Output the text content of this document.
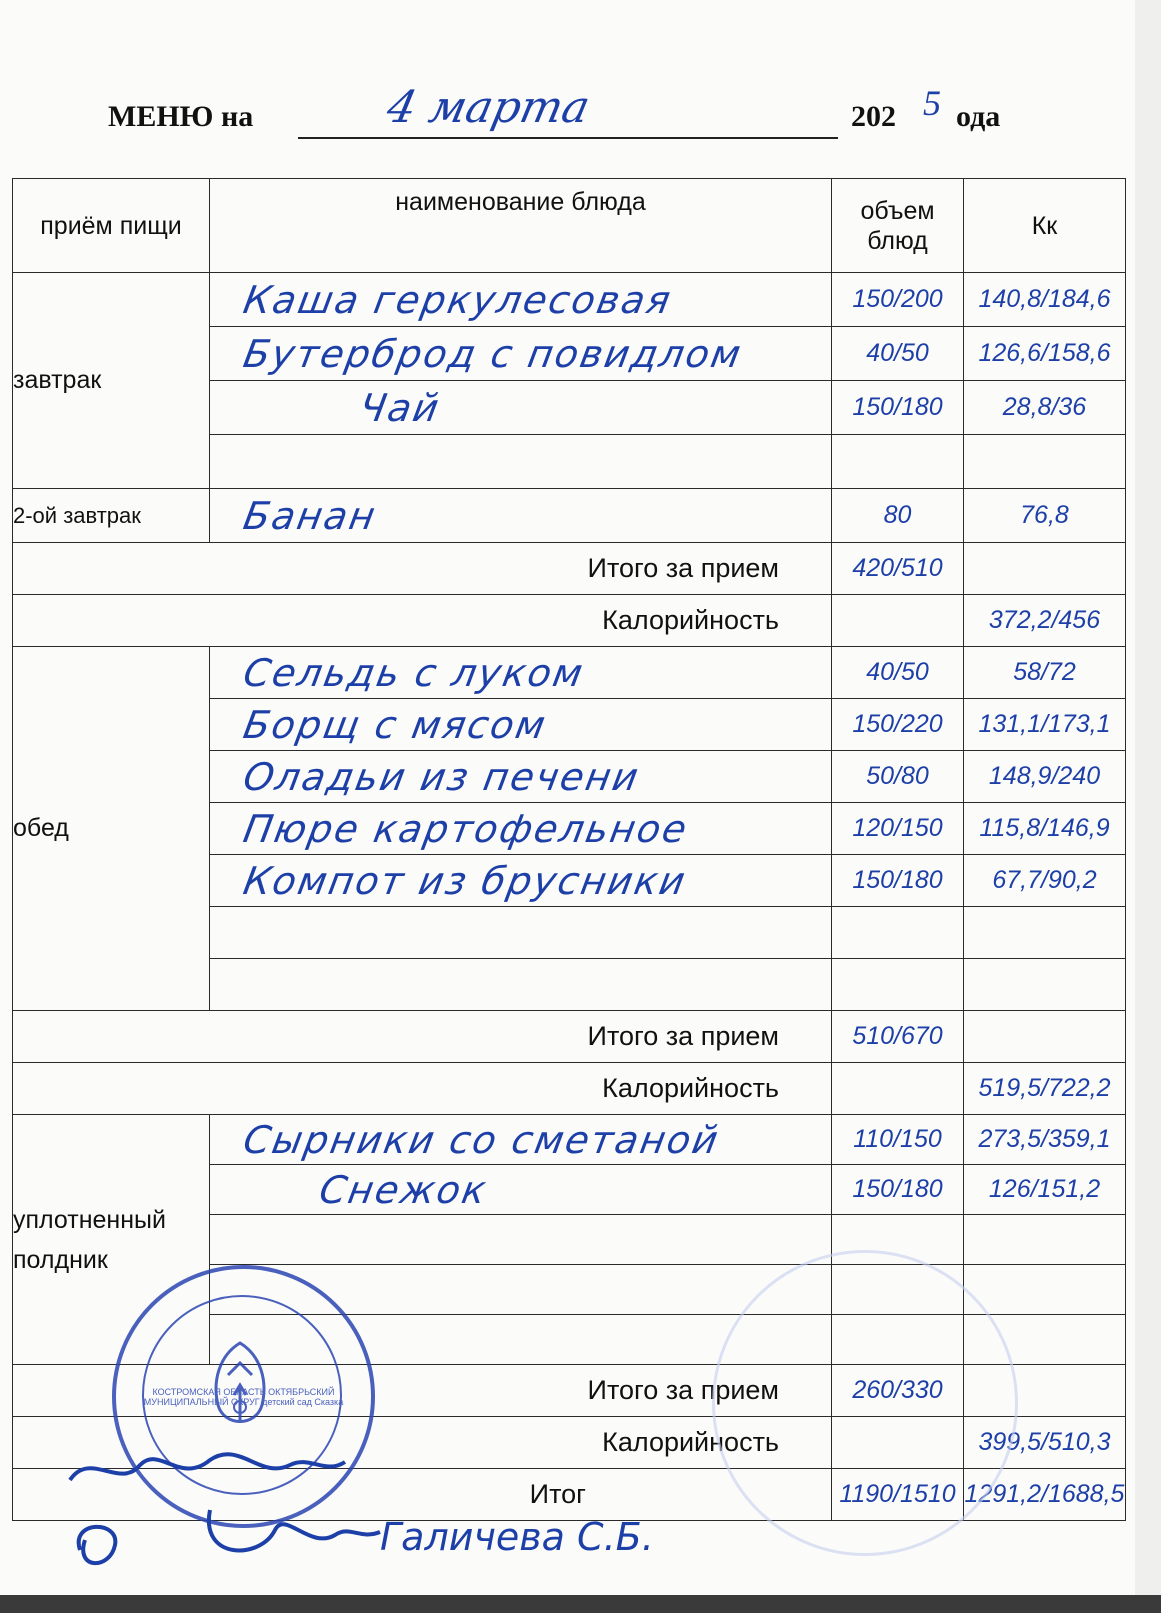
МЕНЮ на	4 марта	202 5 ода
приём пищи	наименование блюда	объем блюд	Кк
завтрак	Каша геркулесовая	150/200	140,8/184,6
	Бутерброд с повидлом	40/50	126,6/158,6
	Чай	150/180	28,8/36

2-ой завтрак	Банан	80	76,8
Итого за прием		420/510	
Калорийность			372,2/456
обед	Сельдь с луком	40/50	58/72
	Борщ с мясом	150/220	131,1/173,1
	Оладьи из печени	50/80	148,9/240
	Пюре картофельное	120/150	115,8/146,9
	Компот из брусники	150/180	67,7/90,2

Итого за прием		510/670	
Калорийность			519,5/722,2
уплотненный полдник	Сырники со сметаной	110/150	273,5/359,1
	Снежок	150/180	126/151,2

Итого за прием		260/330	
Калорийность			399,5/510,3
Итог		1190/1510	1291,2/1688,5
КОСТРОМСКАЯ ОБЛАСТЬ ОКТЯБРЬСКИЙ МУНИЦИПАЛЬНЫЙ ОКРУГ детский сад Сказка
Галичева С.Б.
